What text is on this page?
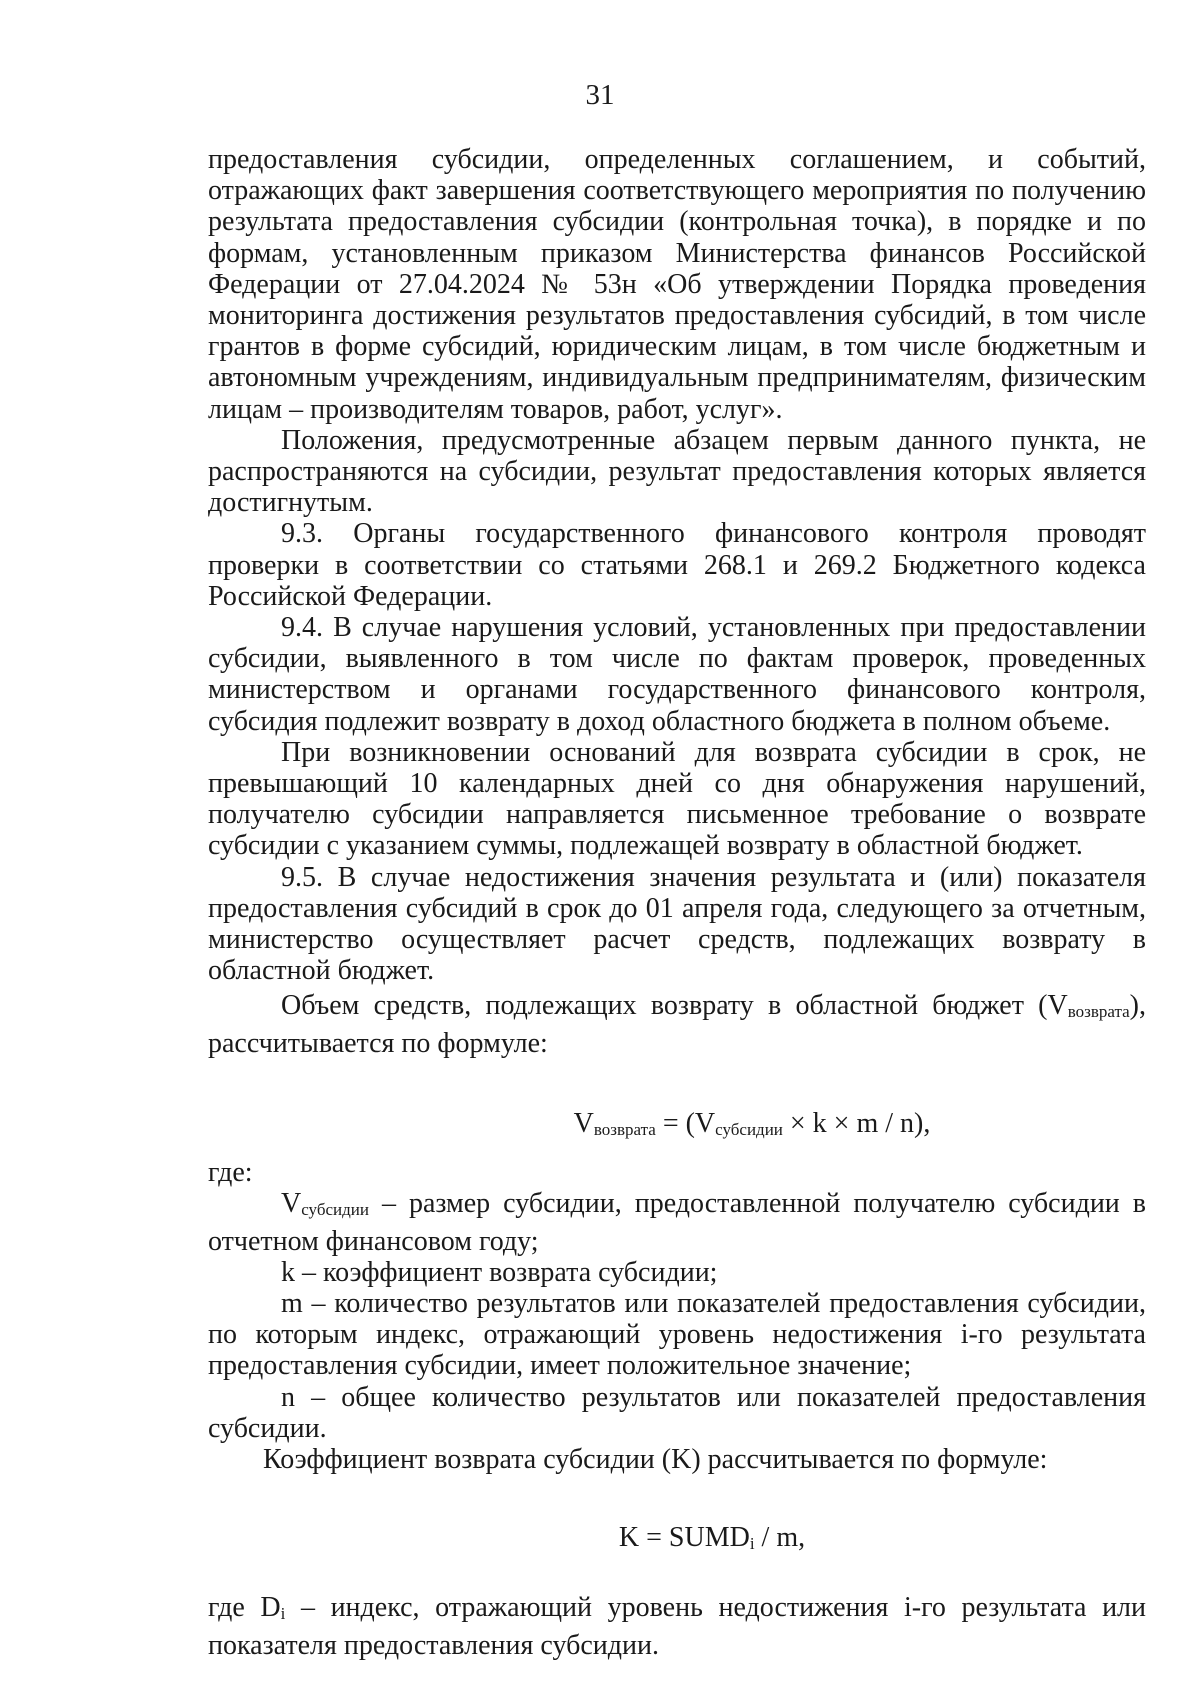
31

предоставления субсидии, определенных соглашением, и событий, отражающих факт завершения соответствующего мероприятия по получению результата предоставления субсидии (контрольная точка), в порядке и по формам, установленным приказом Министерства финансов Российской Федерации от 27.04.2024 № 53н «Об утверждении Порядка проведения мониторинга достижения результатов предоставления субсидий, в том числе грантов в форме субсидий, юридическим лицам, в том числе бюджетным и автономным учреждениям, индивидуальным предпринимателям, физическим лицам – производителям товаров, работ, услуг».

Положения, предусмотренные абзацем первым данного пункта, не распространяются на субсидии, результат предоставления которых является достигнутым.

9.3. Органы государственного финансового контроля проводят проверки в соответствии со статьями 268.1 и 269.2 Бюджетного кодекса Российской Федерации.

9.4. В случае нарушения условий, установленных при предоставлении субсидии, выявленного в том числе по фактам проверок, проведенных министерством и органами государственного финансового контроля, субсидия подлежит возврату в доход областного бюджета в полном объеме.

При возникновении оснований для возврата субсидии в срок, не превышающий 10 календарных дней со дня обнаружения нарушений, получателю субсидии направляется письменное требование о возврате субсидии с указанием суммы, подлежащей возврату в областной бюджет.

9.5. В случае недостижения значения результата и (или) показателя предоставления субсидий в срок до 01 апреля года, следующего за отчетным, министерство осуществляет расчет средств, подлежащих возврату в областной бюджет.

Объем средств, подлежащих возврату в областной бюджет (Vвозврата), рассчитывается по формуле:

Vвозврата = (Vсубсидии × k × m / n),

где:

Vсубсидии – размер субсидии, предоставленной получателю субсидии в отчетном финансовом году;

k – коэффициент возврата субсидии;

m – количество результатов или показателей предоставления субсидии, по которым индекс, отражающий уровень недостижения i-го результата предоставления субсидии, имеет положительное значение;

n – общее количество результатов или показателей предоставления субсидии.

Коэффициент возврата субсидии (K) рассчитывается по формуле:

K = SUMDi / m,

где Di – индекс, отражающий уровень недостижения i-го результата или показателя предоставления субсидии.
